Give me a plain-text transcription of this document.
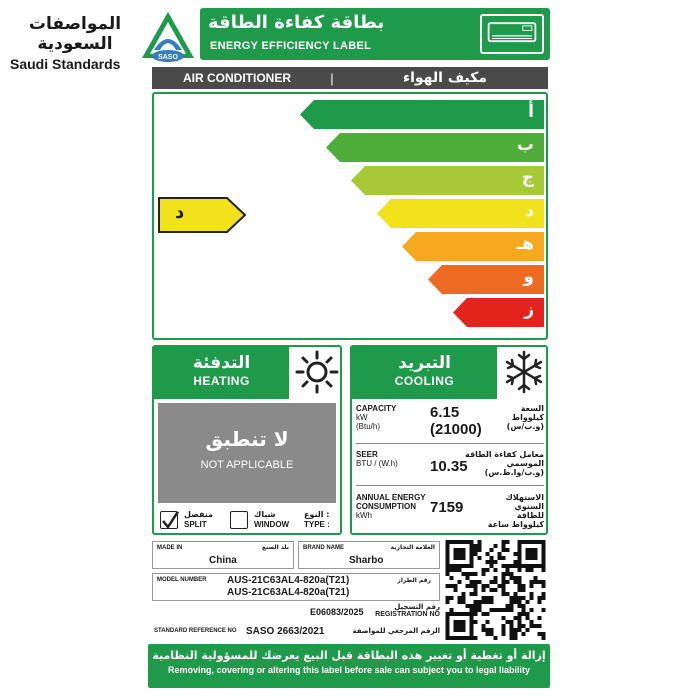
المواصفات السعودية
Saudi Standards	SASO
بطاقة كفاءة الطاقة
ENERGY EFFICIENCY LABEL
AIR CONDITIONER	|	مكيف الهواء
أ
ب
ج
د
هـ
و
ز
د
التدفئة
HEATING
لا تنطبق
NOT APPLICABLE
منفصل
SPLIT
شباك
WINDOW
النوع :
TYPE :
التبريد
COOLING
CAPACITY
kW
(Btu/h)
6.15
(21000)
السعة
كيلوواط
(و.ب/س)
SEER
BTU / (W.h)	10.35
معامل كفاءة الطاقة الموسمي
(و.ب/وا.ط.س)
ANNUAL ENERGY
CONSUMPTION
kWh	7159
الاستهلاك السنوي
للطاقة
كيلوواط ساعة
MADE IN	بلد الصنع
China
BRAND NAME	العلامة التجارية
Sharbo
MODEL NUMBER	رقم الطراز
AUS-21C63AL4-820a(T21)
AUS-21C63AL4-820a(T21)
E06083/2025	رقم التسجيل
REGISTRATION NO
STANDARD REFERENCE NO SASO 2663/2021	الرقم المرجعي للمواصفة
إزالة أو تغطية أو تغيير هذه البطاقة قبل البيع يعرضك للمسؤولية النظامية
Removing, covering or altering this label before sale can subject you to legal liability
